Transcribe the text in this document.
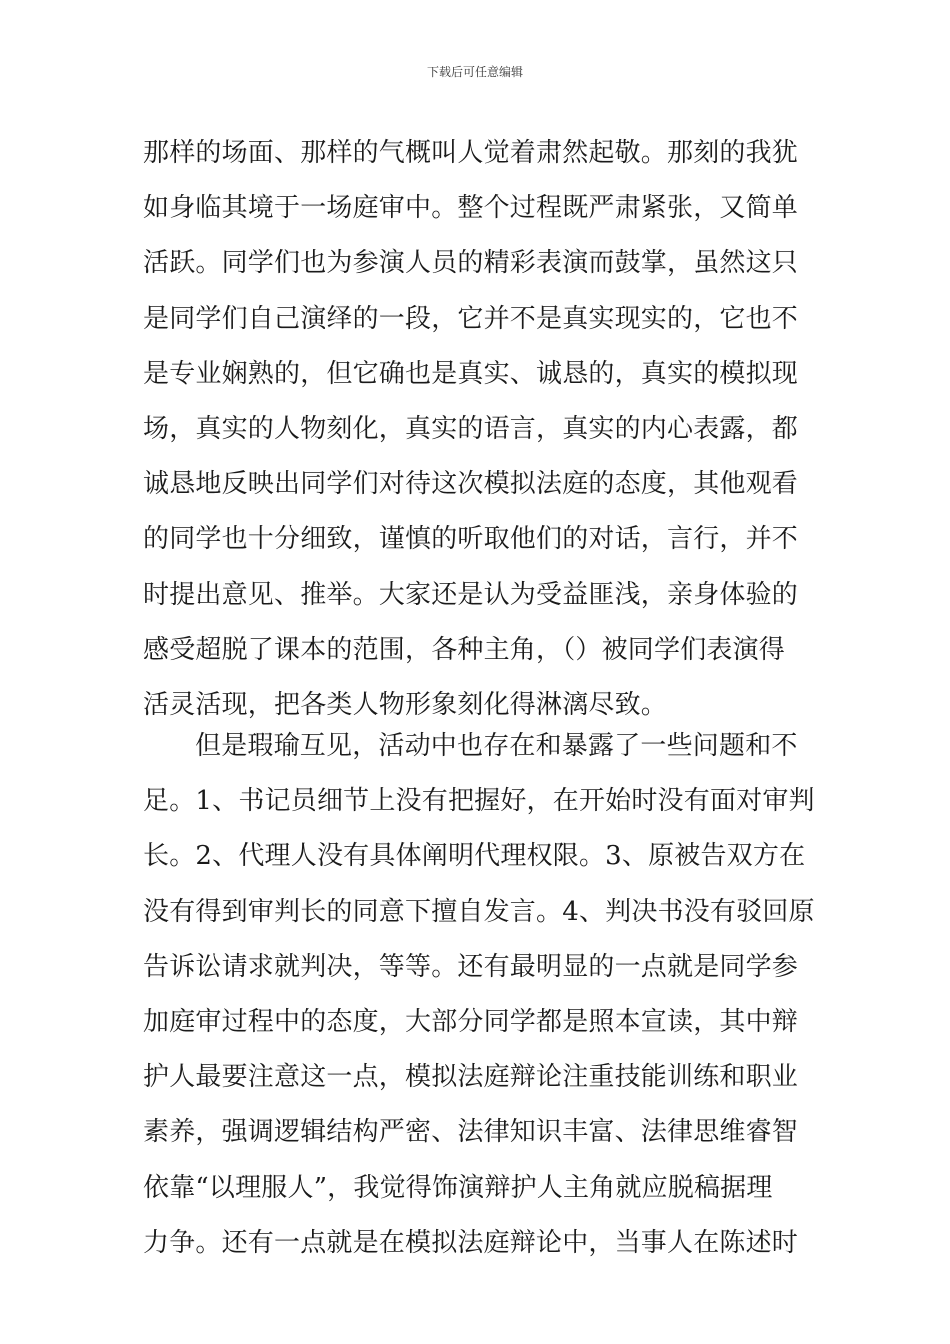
下载后可任意编辑
那样的场面、那样的气概叫人觉着肃然起敬。那刻的我犹
如身临其境于一场庭审中。整个过程既严肃紧张，又简单
活跃。同学们也为参演人员的精彩表演而鼓掌，虽然这只
是同学们自己演绎的一段，它并不是真实现实的，它也不
是专业娴熟的，但它确也是真实、诚恳的，真实的模拟现
场，真实的人物刻化，真实的语言，真实的内心表露，都
诚恳地反映出同学们对待这次模拟法庭的态度，其他观看
的同学也十分细致，谨慎的听取他们的对话，言行，并不
时提出意见、推举。大家还是认为受益匪浅，亲身体验的
感受超脱了课本的范围，各种主角，（）被同学们表演得
活灵活现，把各类人物形象刻化得淋漓尽致。
但是瑕瑜互见，活动中也存在和暴露了一些问题和不
足。1、书记员细节上没有把握好，在开始时没有面对审判
长。2、代理人没有具体阐明代理权限。3、原被告双方在
没有得到审判长的同意下擅自发言。4、判决书没有驳回原
告诉讼请求就判决，等等。还有最明显的一点就是同学参
加庭审过程中的态度，大部分同学都是照本宣读，其中辩
护人最要注意这一点，模拟法庭辩论注重技能训练和职业
素养，强调逻辑结构严密、法律知识丰富、法律思维睿智
依靠“以理服人”，我觉得饰演辩护人主角就应脱稿据理
力争。还有一点就是在模拟法庭辩论中，当事人在陈述时
